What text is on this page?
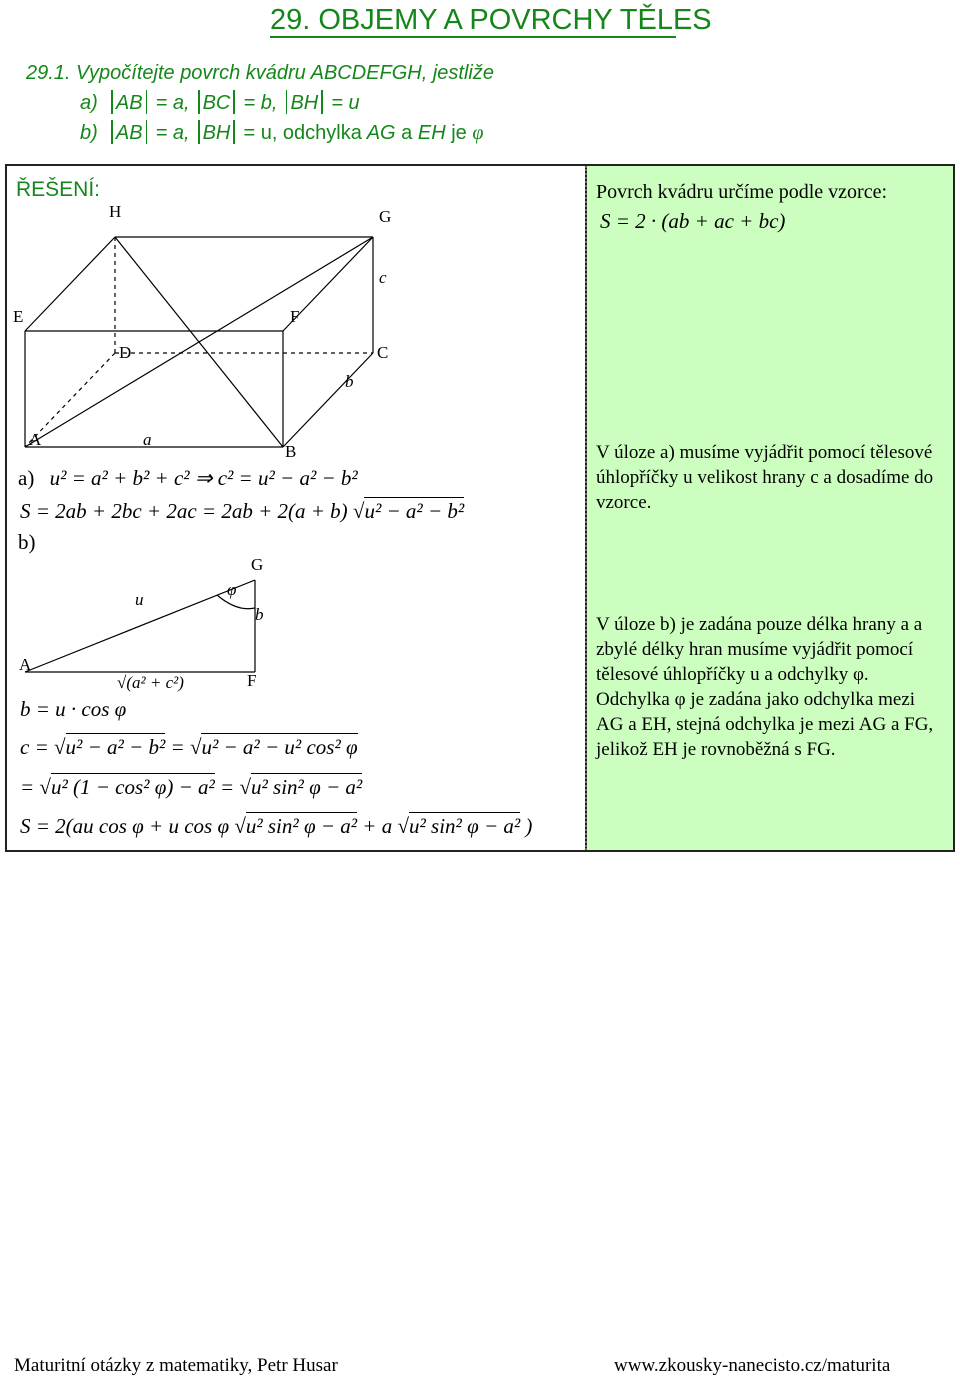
29. OBJEMY A POVRCHY TĚLES
29.1. Vypočítejte povrch kvádru ABCDEFGH, jestliže
a) AB = a, BC = b, BH = u
b) AB = a, BH = u, odchylka AG a EH je φ
ŘEŠENÍ:
H	G
c
E	F
D	C
b
A	a
B
a) u² = a² + b² + c² ⇒ c² = u² − a² − b²
S = 2ab + 2bc + 2ac = 2ab + 2(a + b) √u² − a² − b²
b)
G
u
φ
b
A
√(a² + c²)	F
b = u · cos φ
c = √u² − a² − b² = √u² − a² − u² cos² φ
= √u² (1 − cos² φ) − a² = √u² sin² φ − a²
S = 2(au cos φ + u cos φ √u² sin² φ − a² + a √u² sin² φ − a² )
Povrch kvádru určíme podle vzorce:
S = 2 · (ab + ac + bc)
V úloze a) musíme vyjádřit pomocí tělesové úhlopříčky u velikost hrany c a dosadíme do vzorce.
V úloze b) je zadána pouze délka hrany a a zbylé délky hran musíme vyjádřit pomocí tělesové úhlopříčky u a odchylky φ. Odchylka φ je zadána jako odchylka mezi AG a EH, stejná odchylka je mezi AG a FG, jelikož EH je rovnoběžná s FG.
Maturitní otázky z matematiky, Petr Husar	www.zkousky-nanecisto.cz/maturita
